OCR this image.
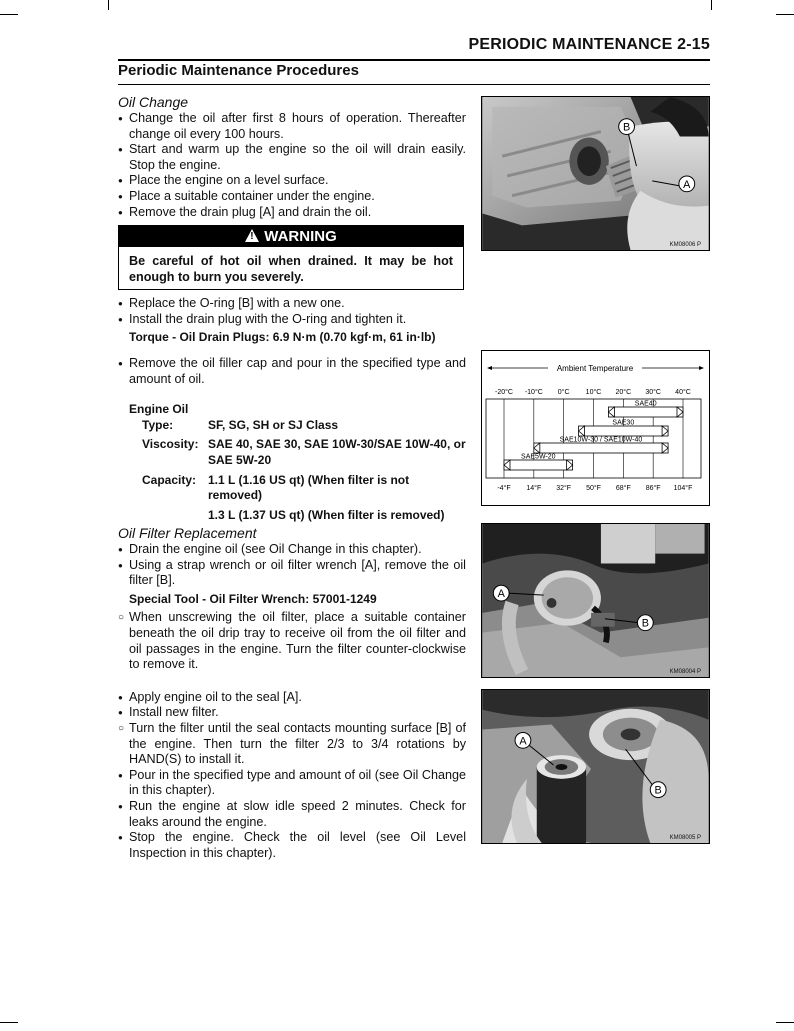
PERIODIC MAINTENANCE 2-15
Periodic Maintenance Procedures
Oil Change
● Change the oil after first 8 hours of operation. Thereafter change oil every 100 hours.
● Start and warm up the engine so the oil will drain easily. Stop the engine.
● Place the engine on a level surface.
● Place a suitable container under the engine.
● Remove the drain plug [A] and drain the oil.
!WARNING
Be careful of hot oil when drained. It may be hot enough to burn you severely.
● Replace the O-ring [B] with a new one.
● Install the drain plug with the O-ring and tighten it.
Torque - Oil Drain Plugs: 6.9 N·m (0.70 kgf·m, 61 in·lb)
● Remove the oil filler cap and pour in the specified type and amount of oil.
Engine Oil
Type:	SF, SG, SH or SJ Class
Viscosity:	SAE 40, SAE 30, SAE 10W-30/SAE 10W-40, or SAE 5W-20
Capacity:	1.1 L (1.16 US qt) (When filter is not removed)
	1.3 L (1.37 US qt) (When filter is removed)
Oil Filter Replacement
● Drain the engine oil (see Oil Change in this chapter).
● Using a strap wrench or oil filter wrench [A], remove the oil filter [B].
Special Tool - Oil Filter Wrench: 57001-1249
○ When unscrewing the oil filter, place a suitable container beneath the oil drip tray to receive oil from the oil filter and oil passages in the engine. Turn the filter counter-clockwise to remove it.
● Apply engine oil to the seal [A].
● Install new filter.
○ Turn the filter until the seal contacts mounting surface [B] of the engine. Then turn the filter 2/3 to 3/4 rotations by HAND(S) to install it.
● Pour in the specified type and amount of oil (see Oil Change in this chapter).
● Run the engine at slow idle speed 2 minutes. Check for leaks around the engine.
● Stop the engine. Check the oil level (see Oil Level Inspection in this chapter).
B
A
KM08006 P
Ambient Temperature
-20°C -10°C 0°C 10°C 20°C 30°C 40°C
SAE40
SAE30
SAE10W-30 / SAE10W-40
SAE5W-20
-4°F 14°F 32°F 50°F 68°F 86°F 104°F
A
B
KM08004 P
A
B
KM08005 P
